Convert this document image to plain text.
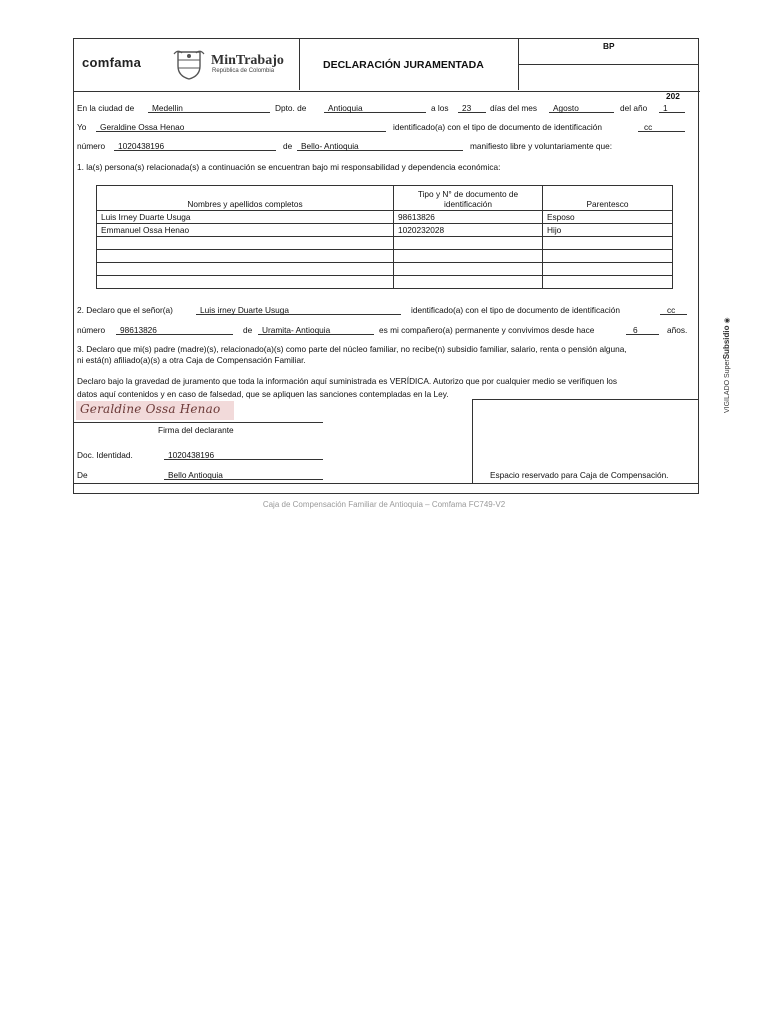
comfama	MinTrabajo
República de Colombia	DECLARACIÓN JURAMENTADA
BP
202
En la ciudad de	Medellin	Dpto. de	Antioquia	a los	23	días del mes	Agosto	del año	1
Yo	Geraldine Ossa Henao	identificado(a) con el tipo de documento de identificación	cc
número	1020438196	de	Bello- Antioquia	manifiesto libre y voluntariamente que:
1. la(s) persona(s) relacionada(s) a continuación se encuentran bajo mi responsabilidad y dependencia económica:
Nombres y apellidos completos	Tipo y N° de documento de identificación	Parentesco
Luis Irney Duarte Usuga	98613826	Esposo
Emmanuel Ossa Henao	1020232028	Hijo

2. Declaro que el señor(a)	Luis irney Duarte Usuga	identificado(a) con el tipo de documento de identificación	cc
número	98613826	de	Uramita- Antioquia	es mi compañero(a) permanente y convivimos desde hace	6	años.
3. Declaro que mi(s) padre (madre)(s), relacionado(a)(s) como parte del núcleo familiar, no recibe(n) subsidio familiar, salario, renta o pensión alguna,
ni está(n) afiliado(a)(s) a otra Caja de Compensación Familiar.
Declaro bajo la gravedad de juramento que toda la información aquí suministrada es VERÍDICA. Autorizo que por cualquier medio se verifiquen los
datos aquí contenidos y en caso de falsedad, que se apliquen las sanciones contempladas en la Ley.
Geraldine Ossa Henao
Firma del declarante
Doc. Identidad.	1020438196
De	Bello Antioquia	Espacio reservado para Caja de Compensación.
Caja de Compensación Familiar de Antioquia – Comfama FC749-V2
VIGILADO SuperSubsidio ◉
